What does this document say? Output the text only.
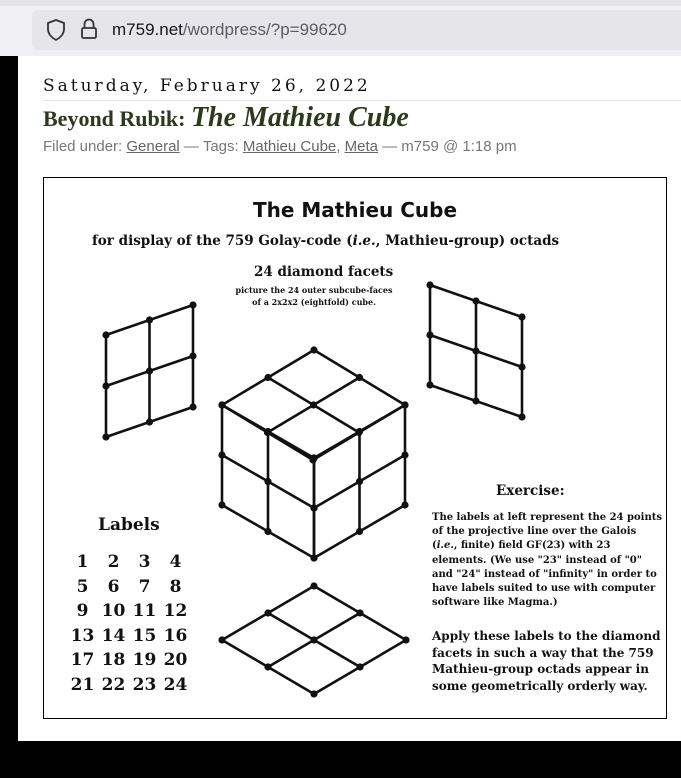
m759.net/wordpress/?p=99620
Saturday, February 26, 2022
Beyond Rubik: The Mathieu Cube
Filed under: General — Tags: Mathieu Cube, Meta — m759 @ 1:18 pm
The Mathieu Cube
for display of the 759 Golay-code (i.e., Mathieu-group) octads
24 diamond facets
picture the 24 outer subcube-faces
of a 2x2x2 (eightfold) cube.
Labels
1	2	3	4
5	6	7	8
9 10 11 12
13 14 15 16
17 18 19 20
21 22 23 24
Exercise:
The labels at left represent the 24 points of the projective line over the Galois (i.e., finite) field GF(23) with 23 elements. (We use "23" instead of "0" and "24" instead of "infinity" in order to have labels suited to use with computer software like Magma.)
Apply these labels to the diamond facets in such a way that the 759 Mathieu-group octads appear in some geometrically orderly way.
